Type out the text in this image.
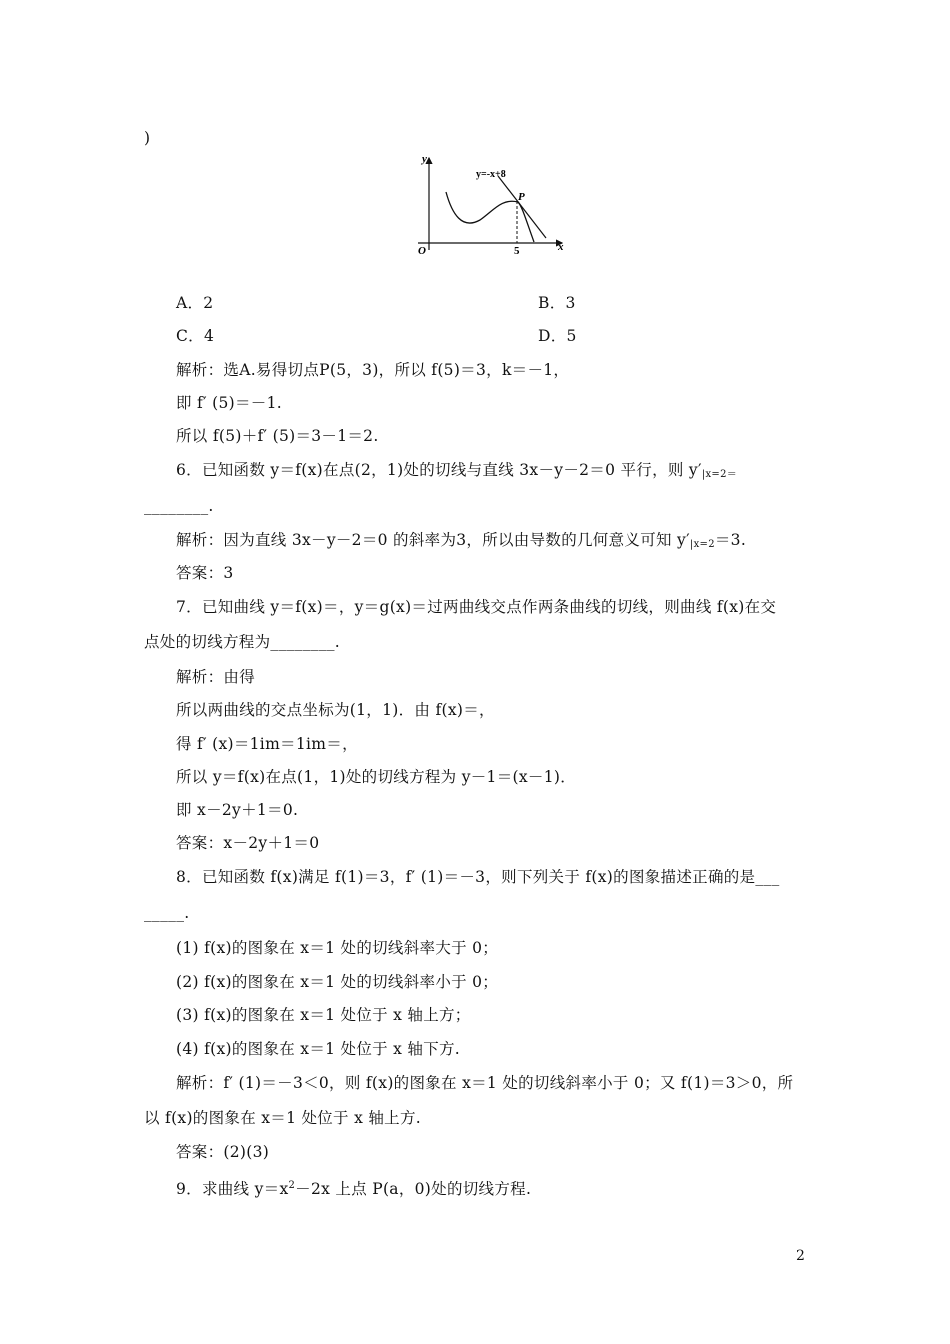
)
y
x
O
y=-x+8
P
5
A．2	B．3
C．4	D．5
解析：选A.易得切点P(5，3)，所以 f(5)＝3，k＝－1，
即 f′ (5)＝－1.
所以 f(5)＋f′ (5)＝3－1＝2.
6．已知函数 y＝f(x)在点(2，1)处的切线与直线 3x－y－2＝0 平行，则 $y'_{|x=2=}$
________.
解析：因为直线 3x－y－2＝0 的斜率为3，所以由导数的几何意义可知 $y'_{|x=2}=3$.
答案：3
7．已知曲线 y＝f(x)＝，y＝g(x)＝过两曲线交点作两条曲线的切线，则曲线 f(x)在交
点处的切线方程为________.
解析：由得
所以两曲线的交点坐标为(1，1)．由 f(x)＝，
得 f′ (x)＝1im＝1im＝，
所以 y＝f(x)在点(1，1)处的切线方程为 y－1＝(x－1)．
即 x－2y＋1＝0.
答案：x－2y＋1＝0
8．已知函数 f(x)满足 f(1)＝3，f′ (1)＝－3，则下列关于 f(x)的图象描述正确的是___
_____.
(1) f(x)的图象在 x＝1 处的切线斜率大于 0；
(2) f(x)的图象在 x＝1 处的切线斜率小于 0；
(3) f(x)的图象在 x＝1 处位于 x 轴上方；
(4) f(x)的图象在 x＝1 处位于 x 轴下方.
解析：f′ (1)＝－3＜0，则 f(x)的图象在 x＝1 处的切线斜率小于 0；又 f(1)＝3＞0，所
以 f(x)的图象在 x＝1 处位于 x 轴上方.
答案：(2)(3)
9．求曲线 $y=x^2-2x$ 上点 P(a，0)处的切线方程.
2
